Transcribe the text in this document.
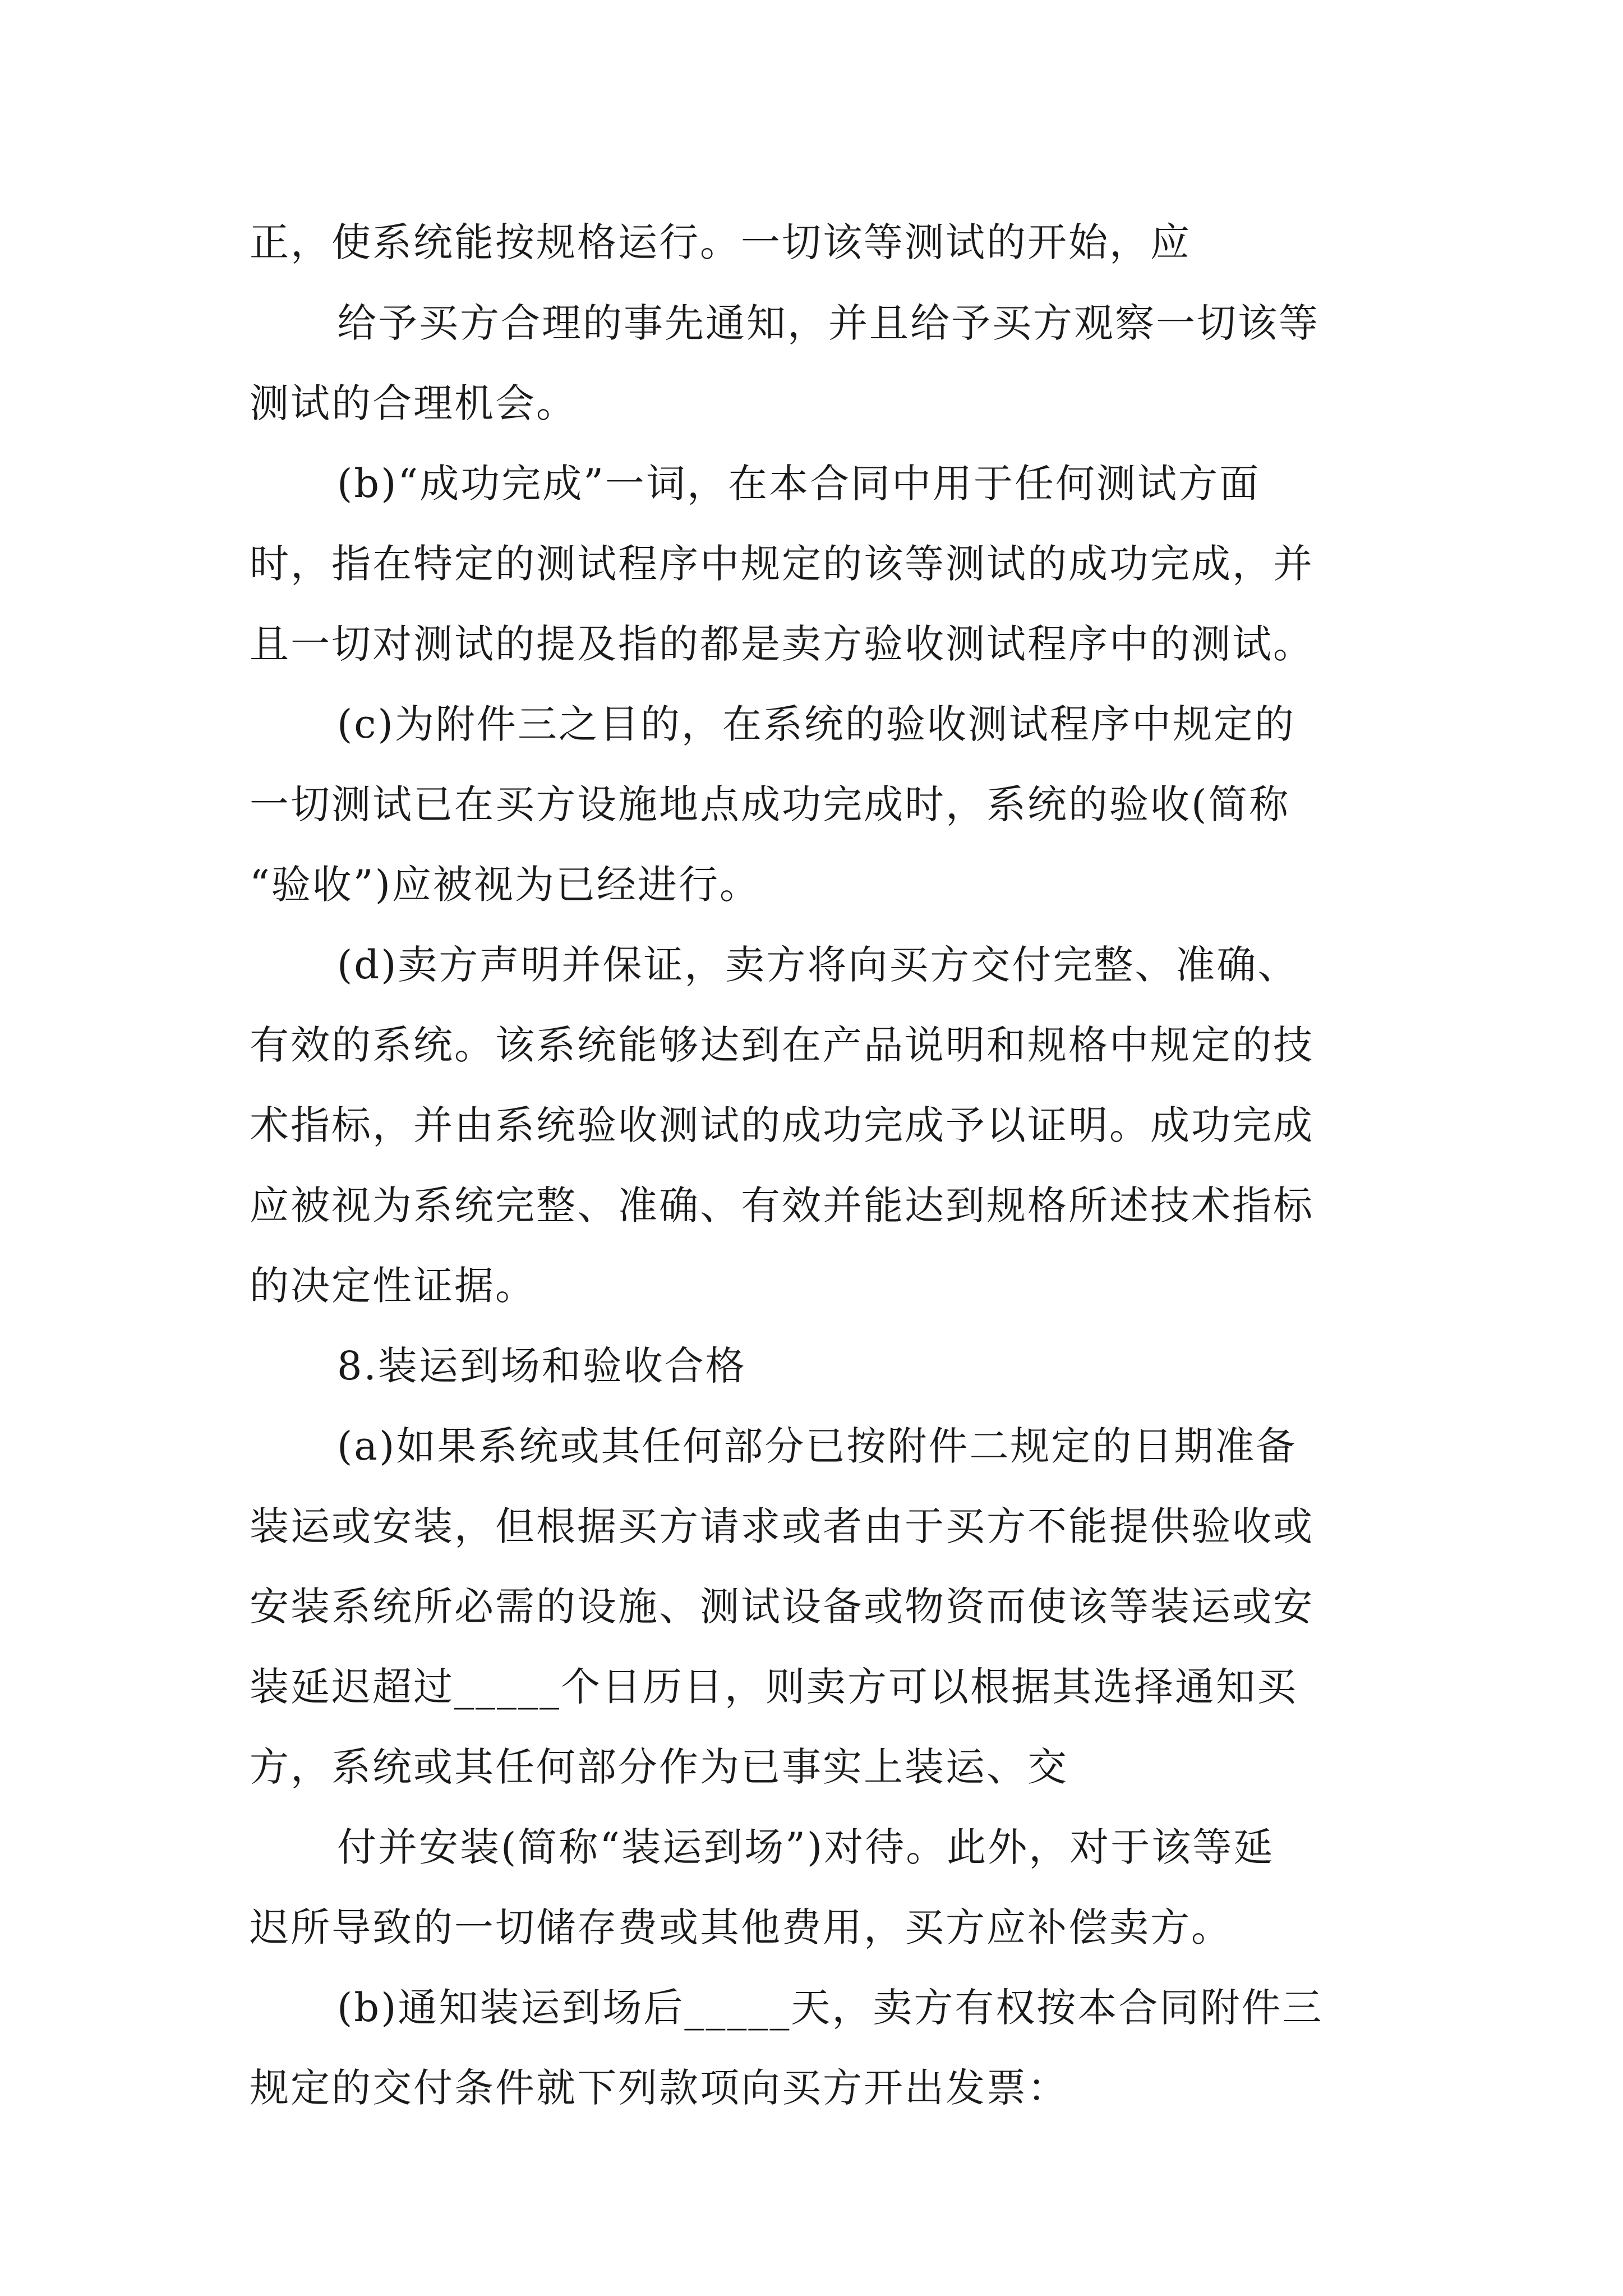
正，使系统能按规格运行。一切该等测试的开始，应
给予买方合理的事先通知，并且给予买方观察一切该等
测试的合理机会。
(b)“成功完成”一词，在本合同中用于任何测试方面
时，指在特定的测试程序中规定的该等测试的成功完成，并
且一切对测试的提及指的都是卖方验收测试程序中的测试。
(c)为附件三之目的，在系统的验收测试程序中规定的
一切测试已在买方设施地点成功完成时，系统的验收(简称
“验收”)应被视为已经进行。
(d)卖方声明并保证，卖方将向买方交付完整、准确、
有效的系统。该系统能够达到在产品说明和规格中规定的技
术指标，并由系统验收测试的成功完成予以证明。成功完成
应被视为系统完整、准确、有效并能达到规格所述技术指标
的决定性证据。
8.装运到场和验收合格
(a)如果系统或其任何部分已按附件二规定的日期准备
装运或安装，但根据买方请求或者由于买方不能提供验收或
安装系统所必需的设施、测试设备或物资而使该等装运或安
装延迟超过_____个日历日，则卖方可以根据其选择通知买
方，系统或其任何部分作为已事实上装运、交
付并安装(简称“装运到场”)对待。此外，对于该等延
迟所导致的一切储存费或其他费用，买方应补偿卖方。
(b)通知装运到场后_____天，卖方有权按本合同附件三
规定的交付条件就下列款项向买方开出发票：
